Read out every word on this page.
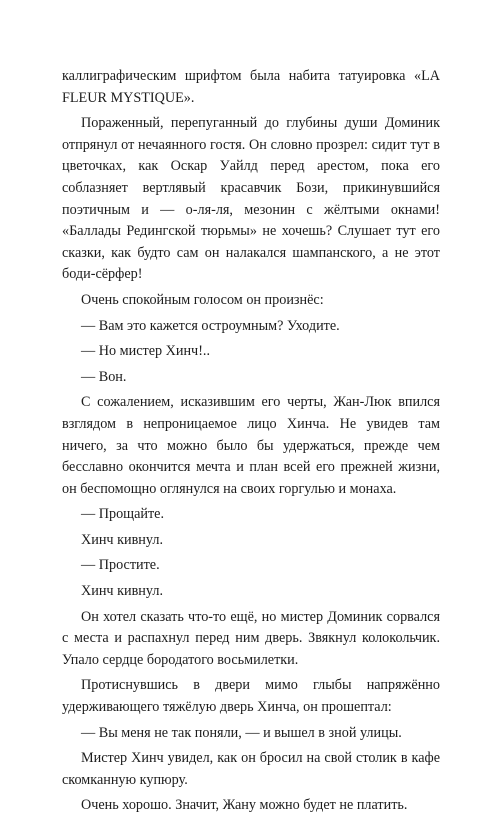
каллиграфическим шрифтом была набита татуировка «LA FLEUR MYSTIQUE».

Пораженный, перепуганный до глубины души Доминик отпрянул от нечаянного гостя. Он словно прозрел: сидит тут в цветочках, как Оскар Уайлд перед арестом, пока его соблазняет вертлявый красавчик Бози, прикинувшийся поэтичным и — о-ля-ля, мезонин с жёлтыми окнами! «Баллады Редингской тюрьмы» не хочешь? Слушает тут его сказки, как будто сам он налакался шампанского, а не этот боди-сёрфер!

Очень спокойным голосом он произнёс:

— Вам это кажется остроумным? Уходите.

— Но мистер Хинч!..

— Вон.

С сожалением, исказившим его черты, Жан-Люк впился взглядом в непроницаемое лицо Хинча. Не увидев там ничего, за что можно было бы удержаться, прежде чем бесславно окончится мечта и план всей его прежней жизни, он беспомощно оглянулся на своих горгулью и монаха.

— Прощайте.

Хинч кивнул.

— Простите.

Хинч кивнул.

Он хотел сказать что-то ещё, но мистер Доминик сорвался с места и распахнул перед ним дверь. Звякнул колокольчик. Упало сердце бородатого восьмилетки.

Протиснувшись в двери мимо глыбы напряжённо удерживающего тяжёлую дверь Хинча, он прошептал:

— Вы меня не так поняли, — и вышел в зной улицы.

Мистер Хинч увидел, как он бросил на свой столик в кафе скомканную купюру.

Очень хорошо. Значит, Жану можно будет не платить.
